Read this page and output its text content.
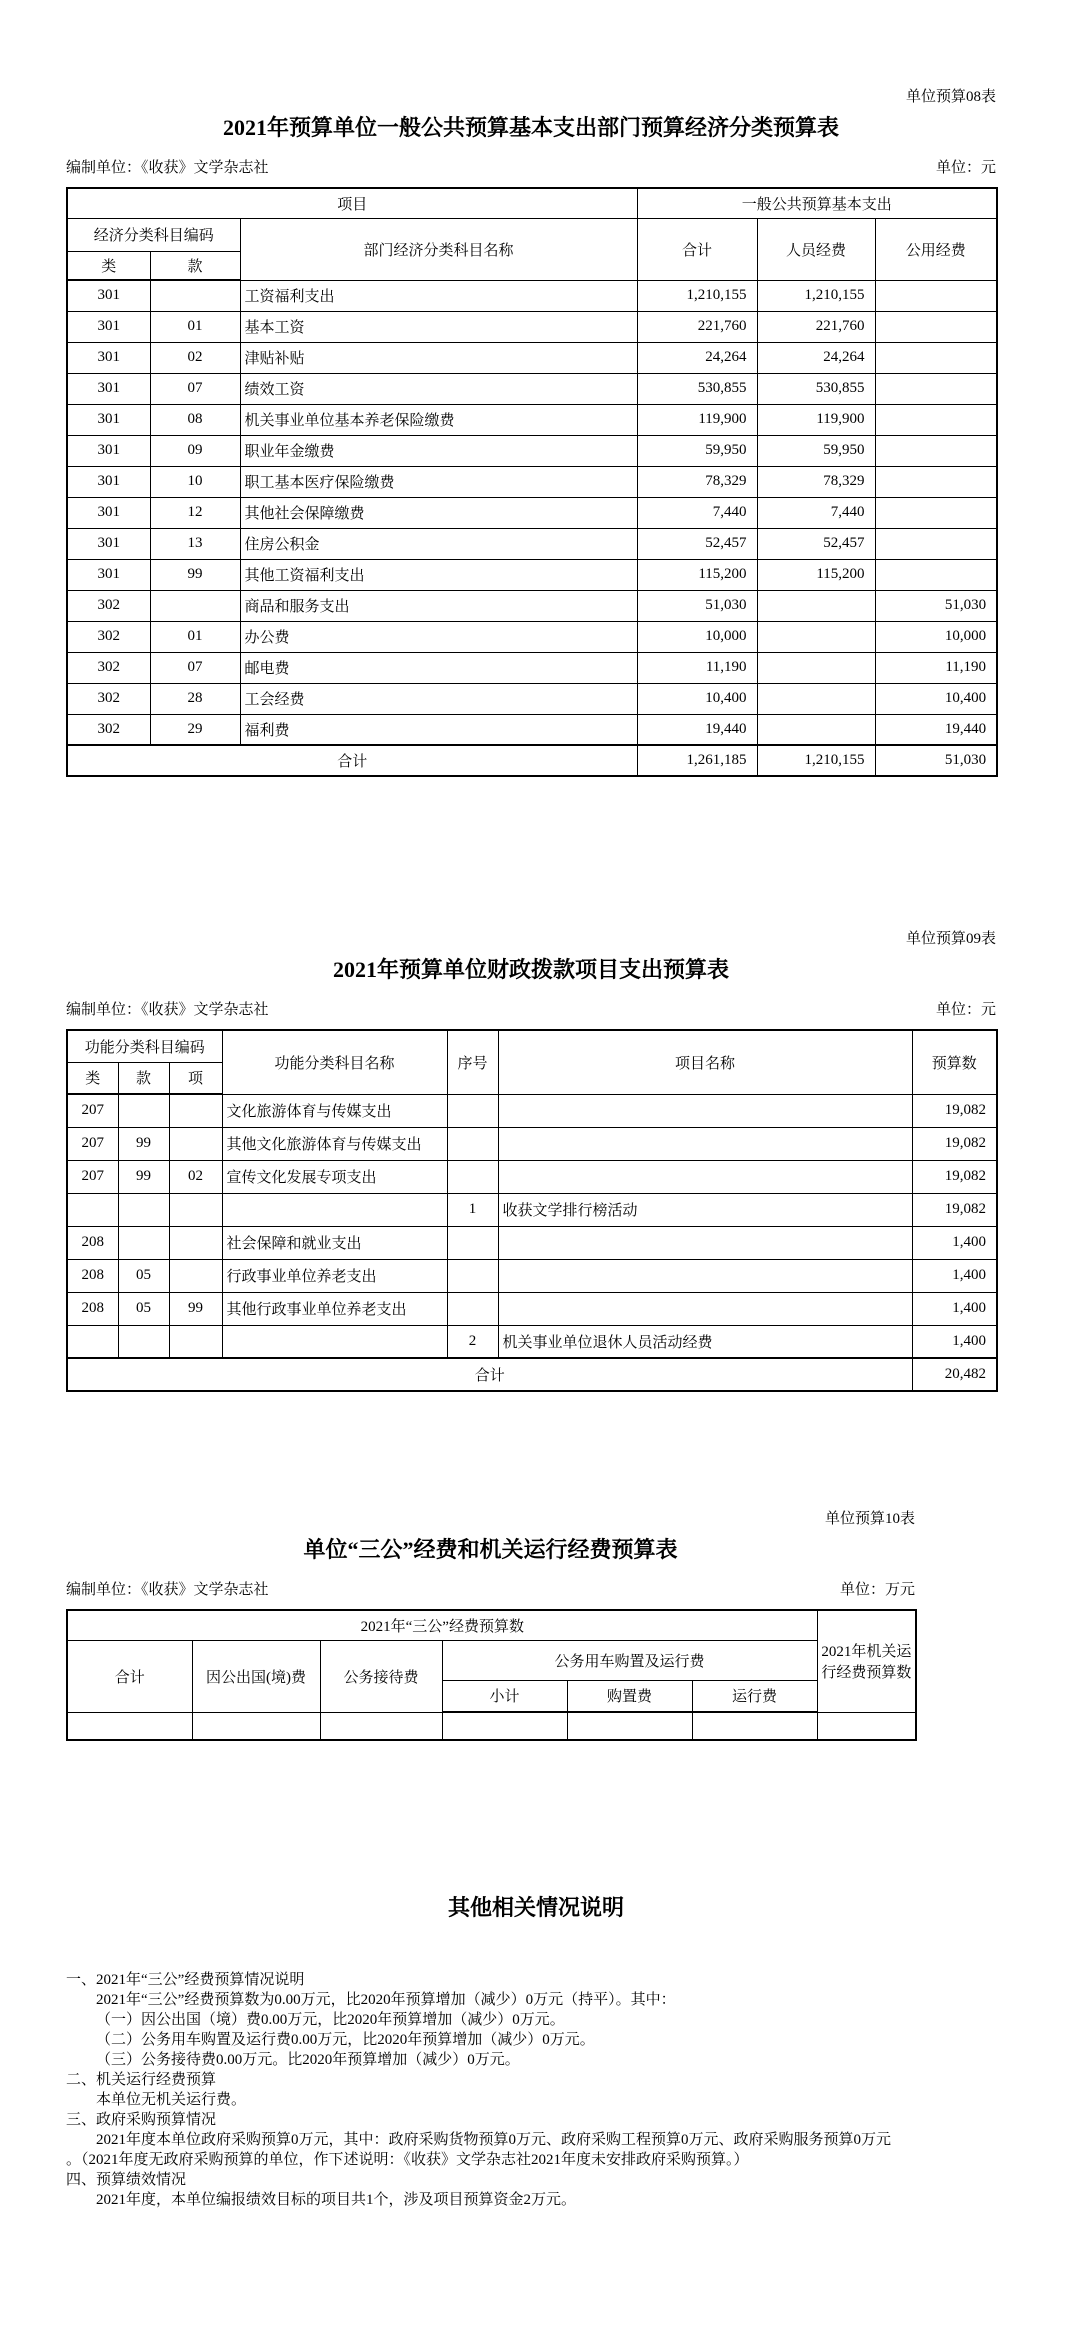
单位预算08表
2021年预算单位一般公共预算基本支出部门预算经济分类预算表
编制单位：《收获》文学杂志社	单位：元
项目			一般公共预算基本支出		
经济分类科目编码		部门经济分类科目名称	合计	人员经费	公用经费
类	款				
301		工资福利支出	1,210,155	1,210,155	
301	01	基本工资	221,760	221,760	
301	02	津贴补贴	24,264	24,264	
301	07	绩效工资	530,855	530,855	
301	08	机关事业单位基本养老保险缴费	119,900	119,900	
301	09	职业年金缴费	59,950	59,950	
301	10	职工基本医疗保险缴费	78,329	78,329	
301	12	其他社会保障缴费	7,440	7,440	
301	13	住房公积金	52,457	52,457	
301	99	其他工资福利支出	115,200	115,200	
302		商品和服务支出	51,030		51,030
302	01	办公费	10,000		10,000
302	07	邮电费	11,190		11,190
302	28	工会经费	10,400		10,400
302	29	福利费	19,440		19,440
合计			1,261,185	1,210,155	51,030
单位预算09表
2021年预算单位财政拨款项目支出预算表
编制单位：《收获》文学杂志社	单位：元
功能分类科目编码			功能分类科目名称	序号	项目名称	预算数
类	款	项				
207			文化旅游体育与传媒支出			19,082
207	99		其他文化旅游体育与传媒支出			19,082
207	99	02	宣传文化发展专项支出			19,082
				1	收获文学排行榜活动	19,082
208			社会保障和就业支出			1,400
208	05		行政事业单位养老支出			1,400
208	05	99	其他行政事业单位养老支出			1,400
				2	机关事业单位退休人员活动经费	1,400
合计						20,482
单位预算10表
单位“三公”经费和机关运行经费预算表
编制单位：《收获》文学杂志社	单位：万元
2021年“三公”经费预算数						2021年机关运行经费预算数
合计	因公出国(境)费	公务接待费	公务用车购置及运行费			
			小计	购置费	运行费	

其他相关情况说明
一、2021年“三公”经费预算情况说明
2021年“三公”经费预算数为0.00万元，比2020年预算增加（减少）0万元（持平）。其中：
（一）因公出国（境）费0.00万元，比2020年预算增加（减少）0万元。
（二）公务用车购置及运行费0.00万元，比2020年预算增加（减少）0万元。
（三）公务接待费0.00万元。比2020年预算增加（减少）0万元。
二、机关运行经费预算
本单位无机关运行费。
三、政府采购预算情况
2021年度本单位政府采购预算0万元，其中：政府采购货物预算0万元、政府采购工程预算0万元、政府采购服务预算0万元
。（2021年度无政府采购预算的单位，作下述说明：《收获》文学杂志社2021年度未安排政府采购预算。）
四、预算绩效情况
2021年度，本单位编报绩效目标的项目共1个，涉及项目预算资金2万元。
